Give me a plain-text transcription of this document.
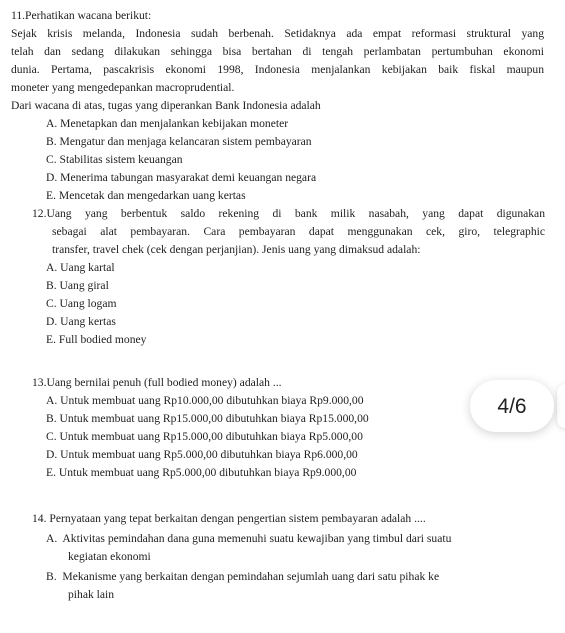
11.Perhatikan wacana berikut:
Sejak krisis melanda, Indonesia sudah berbenah. Setidaknya ada empat reformasi struktural yang
telah dan sedang dilakukan sehingga bisa bertahan di tengah perlambatan pertumbuhan ekonomi
dunia. Pertama, pascakrisis ekonomi 1998, Indonesia menjalankan kebijakan baik fiskal maupun
moneter yang mengedepankan macroprudential.
Dari wacana di atas, tugas yang diperankan Bank Indonesia adalah
A. Menetapkan dan menjalankan kebijakan moneter
B. Mengatur dan menjaga kelancaran sistem pembayaran
C. Stabilitas sistem keuangan
D. Menerima tabungan masyarakat demi keuangan negara
E. Mencetak dan mengedarkan uang kertas
12.Uang yang berbentuk saldo rekening di bank milik nasabah, yang dapat digunakan
sebagai alat pembayaran. Cara pembayaran dapat menggunakan cek, giro, telegraphic
transfer, travel chek (cek dengan perjanjian). Jenis uang yang dimaksud adalah:
A. Uang kartal
B. Uang giral
C. Uang logam
D. Uang kertas
E. Full bodied money
13.Uang bernilai penuh (full bodied money) adalah ...
A. Untuk membuat uang Rp10.000,00 dibutuhkan biaya Rp9.000,00
B. Untuk membuat uang Rp15.000,00 dibutuhkan biaya Rp15.000,00
C. Untuk membuat uang Rp15.000,00 dibutuhkan biaya Rp5.000,00
D. Untuk membuat uang Rp5.000,00 dibutuhkan biaya Rp6.000,00
E. Untuk membuat uang Rp5.000,00 dibutuhkan biaya Rp9.000,00
14. Pernyataan yang tepat berkaitan dengan pengertian sistem pembayaran adalah ....
A.  Aktivitas pemindahan dana guna memenuhi suatu kewajiban yang timbul dari suatu
kegiatan ekonomi
B.  Mekanisme yang berkaitan dengan pemindahan sejumlah uang dari satu pihak ke
pihak lain
4/6
